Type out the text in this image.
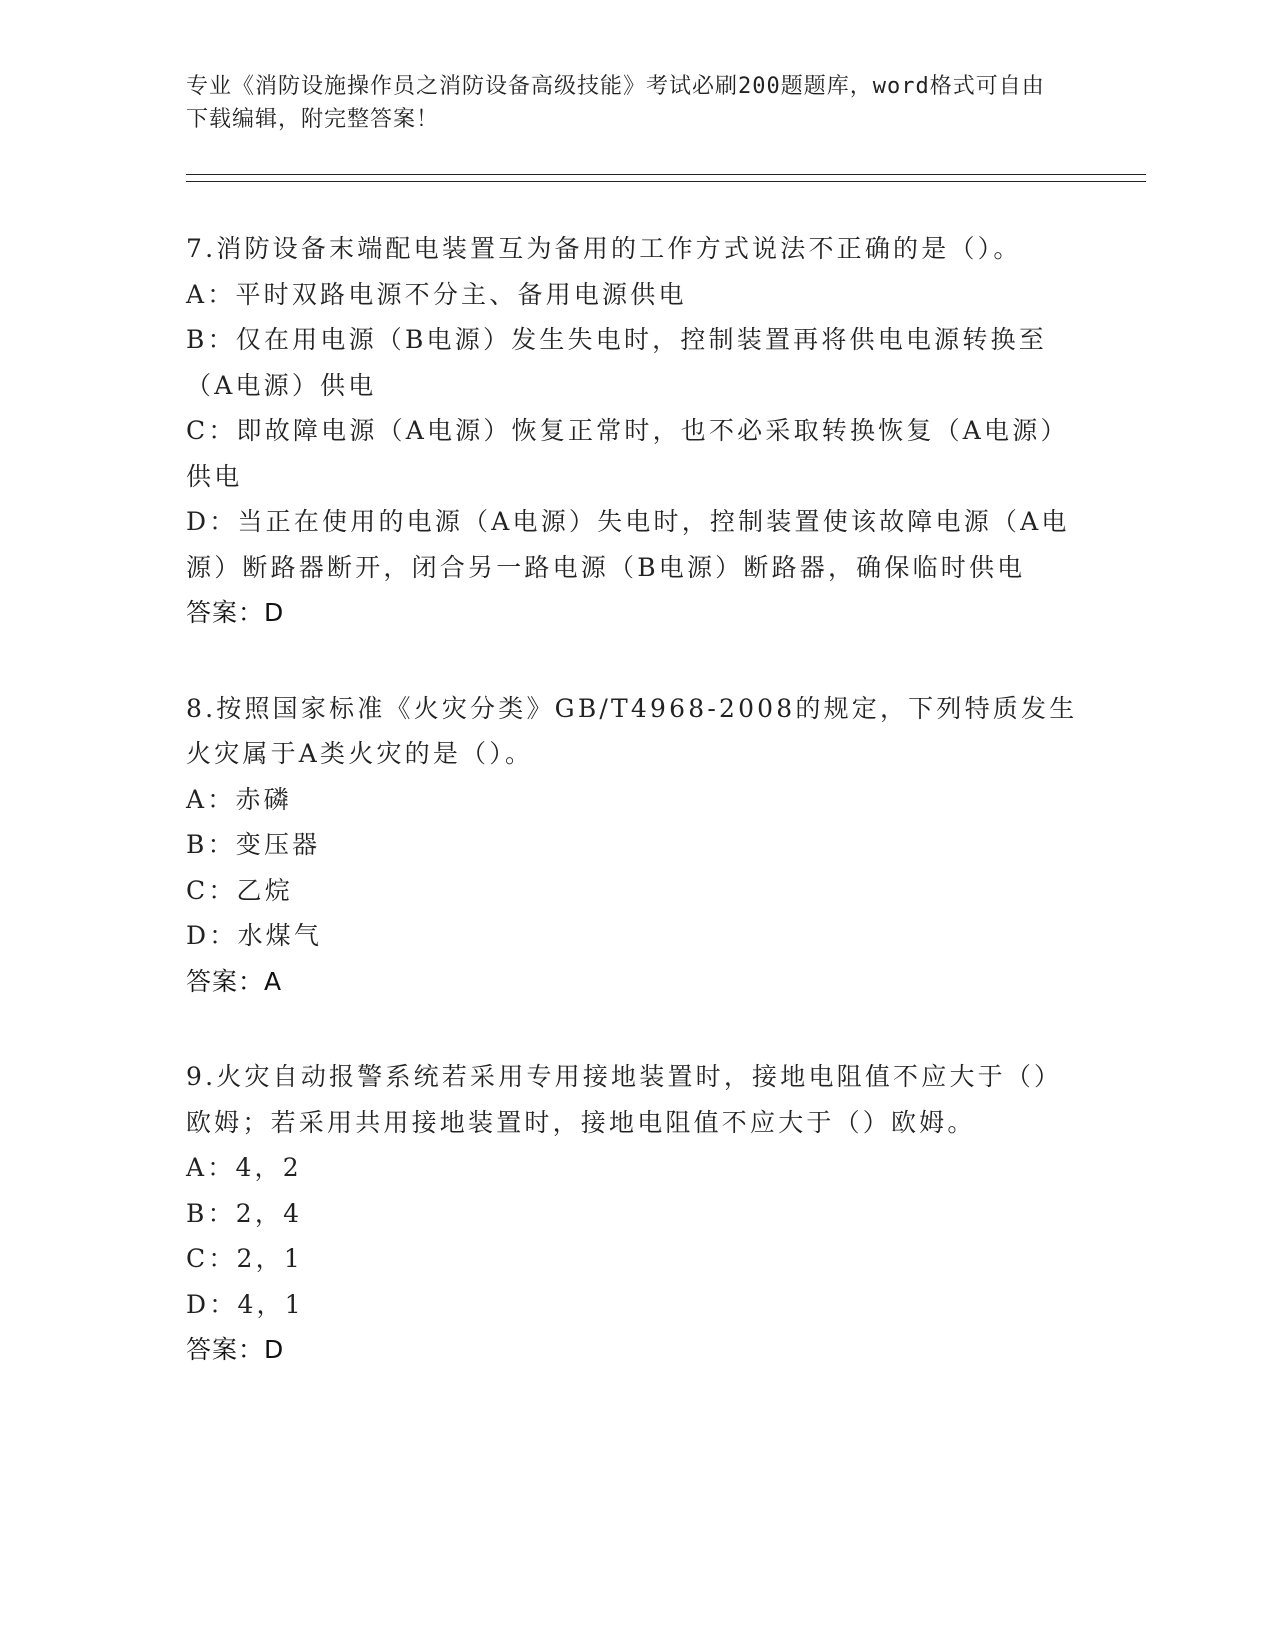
专业《消防设施操作员之消防设备高级技能》考试必刷200题题库，word格式可自由下载编辑，附完整答案！

7.消防设备末端配电装置互为备用的工作方式说法不正确的是（）。

A：平时双路电源不分主、备用电源供电

B：仅在用电源（B电源）发生失电时，控制装置再将供电电源转换至（A电源）供电

C：即故障电源（A电源）恢复正常时，也不必采取转换恢复（A电源）供电

D：当正在使用的电源（A电源）失电时，控制装置使该故障电源（A电源）断路器断开，闭合另一路电源（B电源）断路器，确保临时供电

答案：D

8.按照国家标准《火灾分类》GB/T4968-2008的规定，下列特质发生火灾属于A类火灾的是（）。

A：赤磷

B：变压器

C：乙烷

D：水煤气

答案：A

9.火灾自动报警系统若采用专用接地装置时，接地电阻值不应大于（）欧姆；若采用共用接地装置时，接地电阻值不应大于（）欧姆。

A：4，2

B：2，4

C：2，1

D：4，1

答案：D
